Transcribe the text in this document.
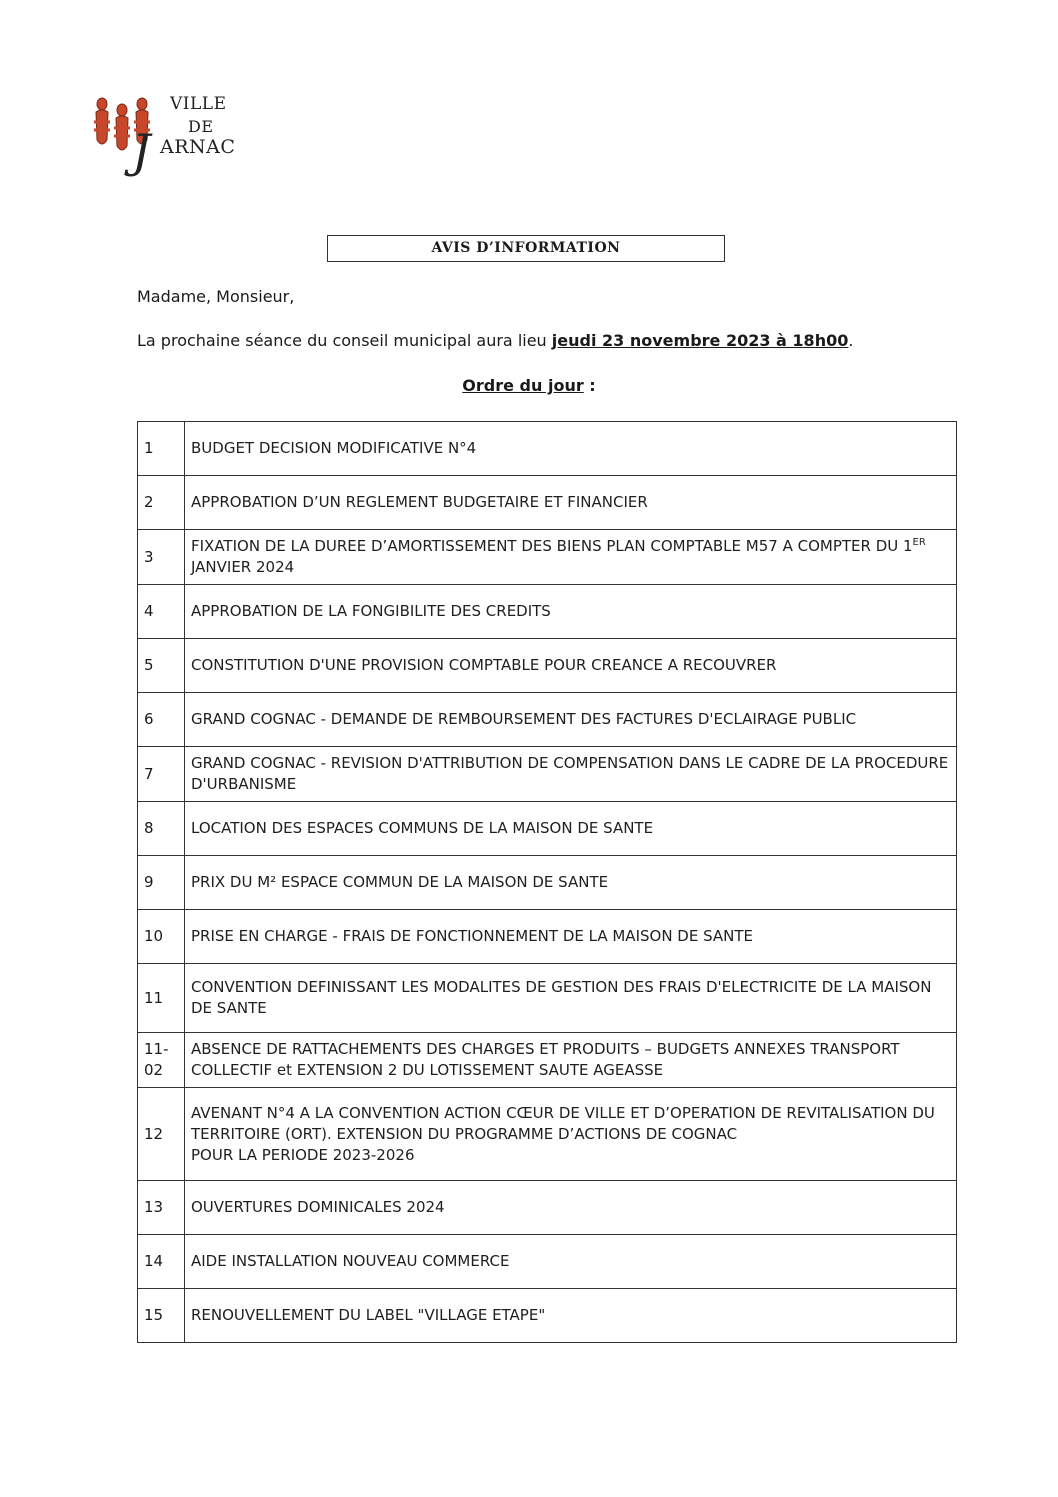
VILLE
DE
J ARNAC
AVIS D’INFORMATION
Madame, Monsieur,
La prochaine séance du conseil municipal aura lieu jeudi 23 novembre 2023 à 18h00.
Ordre du jour :
1	BUDGET DECISION MODIFICATIVE N°4
2	APPROBATION D’UN REGLEMENT BUDGETAIRE ET FINANCIER
3	FIXATION DE LA DUREE D’AMORTISSEMENT DES BIENS PLAN COMPTABLE M57 A COMPTER DU 1ER JANVIER 2024
4	APPROBATION DE LA FONGIBILITE DES CREDITS
5	CONSTITUTION D'UNE PROVISION COMPTABLE POUR CREANCE A RECOUVRER
6	GRAND COGNAC - DEMANDE DE REMBOURSEMENT DES FACTURES D'ECLAIRAGE PUBLIC
7	GRAND COGNAC - REVISION D'ATTRIBUTION DE COMPENSATION DANS LE CADRE DE LA PROCEDURE D'URBANISME
8	LOCATION DES ESPACES COMMUNS DE LA MAISON DE SANTE
9	PRIX DU M² ESPACE COMMUN DE LA MAISON DE SANTE
10	PRISE EN CHARGE - FRAIS DE FONCTIONNEMENT DE LA MAISON DE SANTE
11	CONVENTION DEFINISSANT LES MODALITES DE GESTION DES FRAIS D'ELECTRICITE DE LA MAISON DE SANTE
11-02	ABSENCE DE RATTACHEMENTS DES CHARGES ET PRODUITS – BUDGETS ANNEXES TRANSPORT COLLECTIF et EXTENSION 2 DU LOTISSEMENT SAUTE AGEASSE
12	AVENANT N°4 A LA CONVENTION ACTION CŒUR DE VILLE ET D’OPERATION DE REVITALISATION DU TERRITOIRE (ORT). EXTENSION DU PROGRAMME D’ACTIONS DE COGNAC
POUR LA PERIODE 2023-2026
13	OUVERTURES DOMINICALES 2024
14	AIDE INSTALLATION NOUVEAU COMMERCE
15	RENOUVELLEMENT DU LABEL "VILLAGE ETAPE"
